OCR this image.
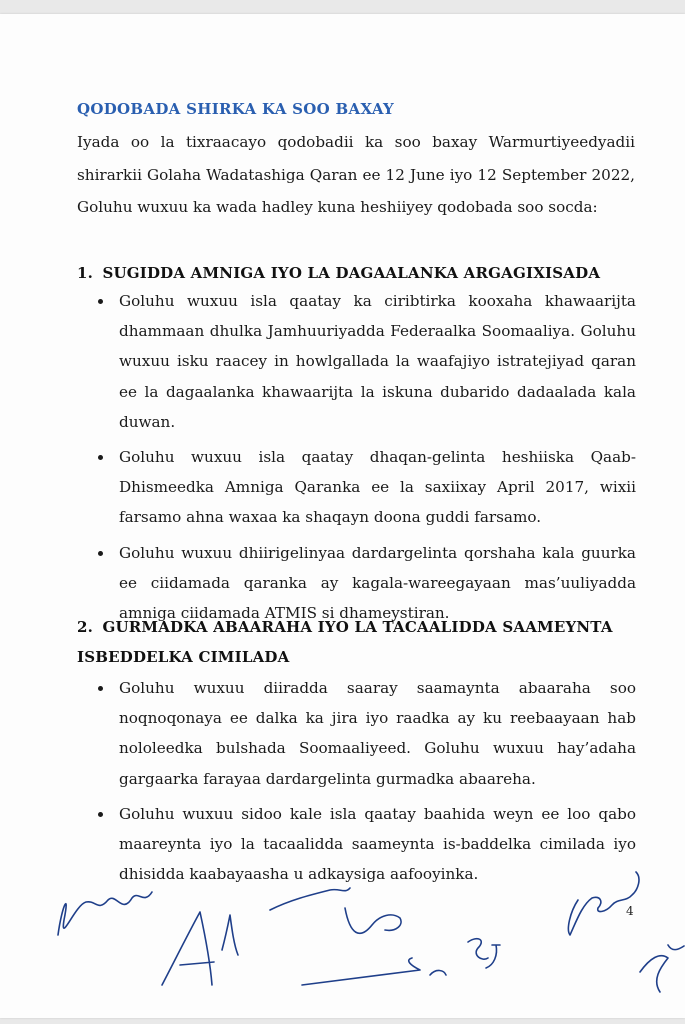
QODOBADA SHIRKA KA SOO BAXAY

Iyada oo la tixraacayo qodobadii ka soo baxay Warmurtiyeedyadii shirarkii Golaha Wadatashiga Qaran ee 12 June iyo 12 September 2022, Goluhu wuxuu ka wada hadley kuna heshiiyey qodobada soo socda:

1. SUGIDDA AMNIGA IYO LA DAGAALANKA ARGAGIXISADA
Goluhu wuxuu isla qaatay ka ciribtirka kooxaha khawaarijta dhammaan dhulka Jamhuuriyadda Federaalka Soomaaliya. Goluhu wuxuu isku raacey in howlgallada la waafajiyo istratejiyad qaran ee la dagaalanka khawaarijta la iskuna dubarido dadaalada kala duwan.
Goluhu wuxuu isla qaatay dhaqan-gelinta heshiiska Qaab-Dhismeedka Amniga Qaranka ee la saxiixay April 2017, wixii farsamo ahna waxaa ka shaqayn doona guddi farsamo.
Goluhu wuxuu dhiirigelinyaa dardargelinta qorshaha kala guurka ee ciidamada qaranka ay kagala-wareegayaan mas’uuliyadda amniga ciidamada ATMIS si dhameystiran.
2. GURMADKA ABAARAHA IYO LA TACAALIDDA SAAMEYNTA ISBEDDELKA CIMILADA
Goluhu wuxuu diiradda saaray saamaynta abaaraha soo noqnoqonaya ee dalka ka jira iyo raadka ay ku reebaayaan hab nololeedka bulshada Soomaaliyeed. Goluhu wuxuu hay’adaha gargaarka farayaa dardargelinta gurmadka abaareha.
Goluhu wuxuu sidoo kale isla qaatay baahida weyn ee loo qabo maareynta iyo la tacaalidda saameynta is-baddelka cimilada iyo dhisidda kaabayaasha u adkaysiga aafooyinka.
4
